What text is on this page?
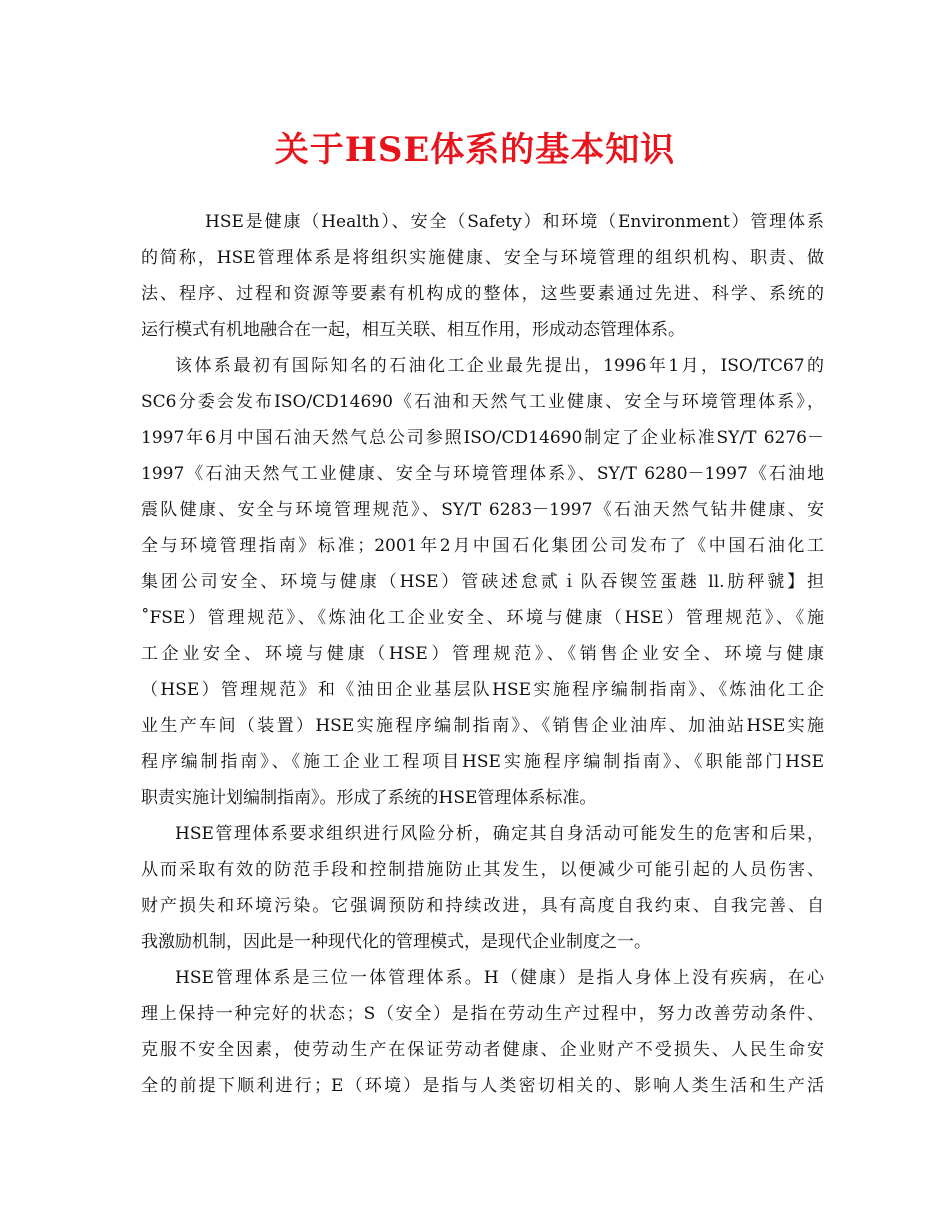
关于HSE体系的基本知识
HSE是健康（Health）、安全（Safety）和环境（Environment）管理体系
的简称，HSE管理体系是将组织实施健康、安全与环境管理的组织机构、职责、做
法、程序、过程和资源等要素有机构成的整体，这些要素通过先进、科学、系统的
运行模式有机地融合在一起，相互关联、相互作用，形成动态管理体系。
该体系最初有国际知名的石油化工企业最先提出，1996年1月，ISO/TC67的
SC6分委会发布ISO/CD14690《石油和天然气工业健康、安全与环境管理体系》，
1997年6月中国石油天然气总公司参照ISO/CD14690制定了企业标准SY/T 6276－
1997《石油天然气工业健康、安全与环境管理体系》、SY/T 6280－1997《石油地
震队健康、安全与环境管理规范》、SY/T 6283－1997《石油天然气钻井健康、安
全与环境管理指南》标准；2001年2月中国石化集团公司发布了《中国石油化工
集团公司安全、环境与健康（HSE）管硖述怠贰ｉ队吞锲笠蛋趎 ll.肪秤虢】担
˚FSE）管理规范》、《炼油化工企业安全、环境与健康（HSE）管理规范》、《施
工企业安全、环境与健康（HSE）管理规范》、《销售企业安全、环境与健康
（HSE）管理规范》和《油田企业基层队HSE实施程序编制指南》、《炼油化工企
业生产车间（装置）HSE实施程序编制指南》、《销售企业油库、加油站HSE实施
程序编制指南》、《施工企业工程项目HSE实施程序编制指南》、《职能部门HSE
职责实施计划编制指南》。形成了系统的HSE管理体系标准。
HSE管理体系要求组织进行风险分析，确定其自身活动可能发生的危害和后果，
从而采取有效的防范手段和控制措施防止其发生，以便减少可能引起的人员伤害、
财产损失和环境污染。它强调预防和持续改进，具有高度自我约束、自我完善、自
我激励机制，因此是一种现代化的管理模式，是现代企业制度之一。
HSE管理体系是三位一体管理体系。H（健康）是指人身体上没有疾病，在心
理上保持一种完好的状态；S（安全）是指在劳动生产过程中，努力改善劳动条件、
克服不安全因素，使劳动生产在保证劳动者健康、企业财产不受损失、人民生命安
全的前提下顺利进行；E（环境）是指与人类密切相关的、影响人类生活和生产活
